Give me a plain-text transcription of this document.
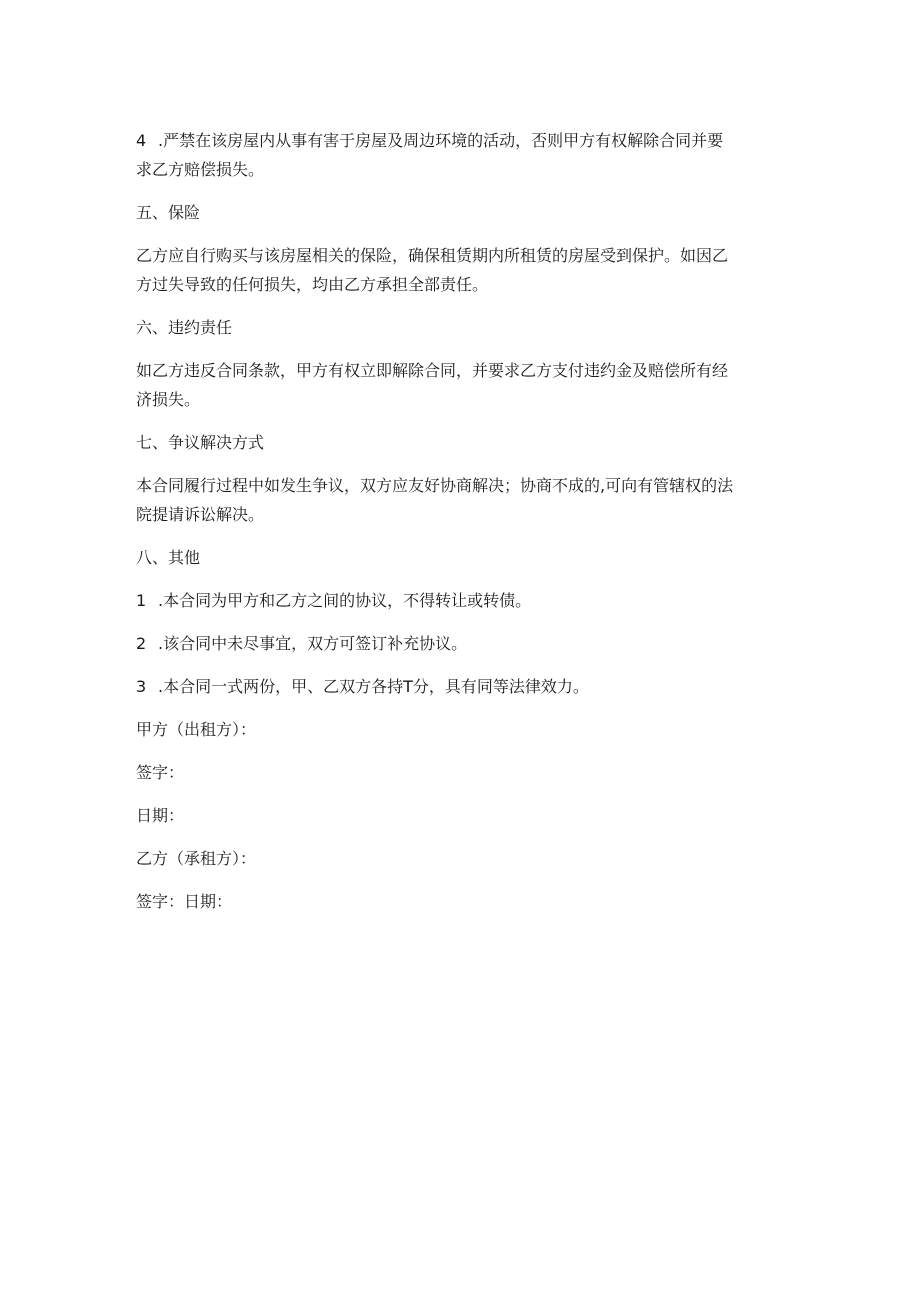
4 .严禁在该房屋内从事有害于房屋及周边环境的活动，否则甲方有权解除合同并要

求乙方赔偿损失。

五、保险

乙方应自行购买与该房屋相关的保险，确保租赁期内所租赁的房屋受到保护。如因乙

方过失导致的任何损失，均由乙方承担全部责任。

六、违约责任

如乙方违反合同条款，甲方有权立即解除合同，并要求乙方支付违约金及赔偿所有经

济损失。

七、争议解决方式

本合同履行过程中如发生争议，双方应友好协商解决；协商不成的,可向有管辖权的法

院提请诉讼解决。

八、其他

1 .本合同为甲方和乙方之间的协议，不得转让或转债。

2 .该合同中未尽事宜，双方可签订补充协议。

3 .本合同一式两份，甲、乙双方各持T分，具有同等法律效力。

甲方（出租方）：

签字：

日期：

乙方（承租方）：

签字：日期：
